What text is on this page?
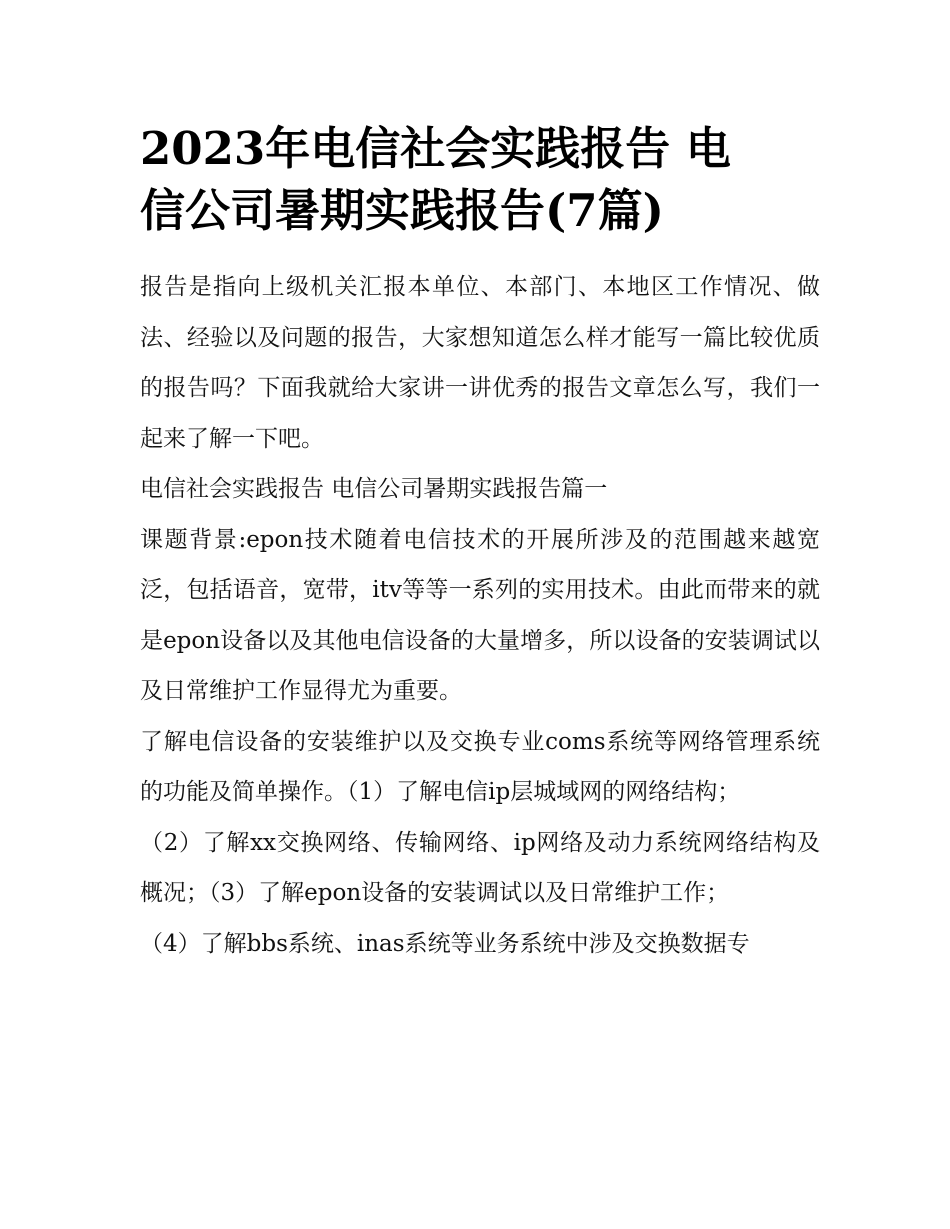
2023年电信社会实践报告 电
信公司暑期实践报告(7篇)

报告是指向上级机关汇报本单位、本部门、本地区工作情况、做法、经验以及问题的报告，大家想知道怎么样才能写一篇比较优质的报告吗？下面我就给大家讲一讲优秀的报告文章怎么写，我们一起来了解一下吧。

电信社会实践报告 电信公司暑期实践报告篇一

课题背景:epon技术随着电信技术的开展所涉及的范围越来越宽泛，包括语音，宽带，itv等等一系列的实用技术。由此而带来的就是epon设备以及其他电信设备的大量增多，所以设备的安装调试以及日常维护工作显得尤为重要。

了解电信设备的安装维护以及交换专业coms系统等网络管理系统的功能及简单操作。（1）了解电信ip层城域网的网络结构；

（2）了解xx交换网络、传输网络、ip网络及动力系统网络结构及概况；（3）了解epon设备的安装调试以及日常维护工作；

（4）了解bbs系统、inas系统等业务系统中涉及交换数据专
